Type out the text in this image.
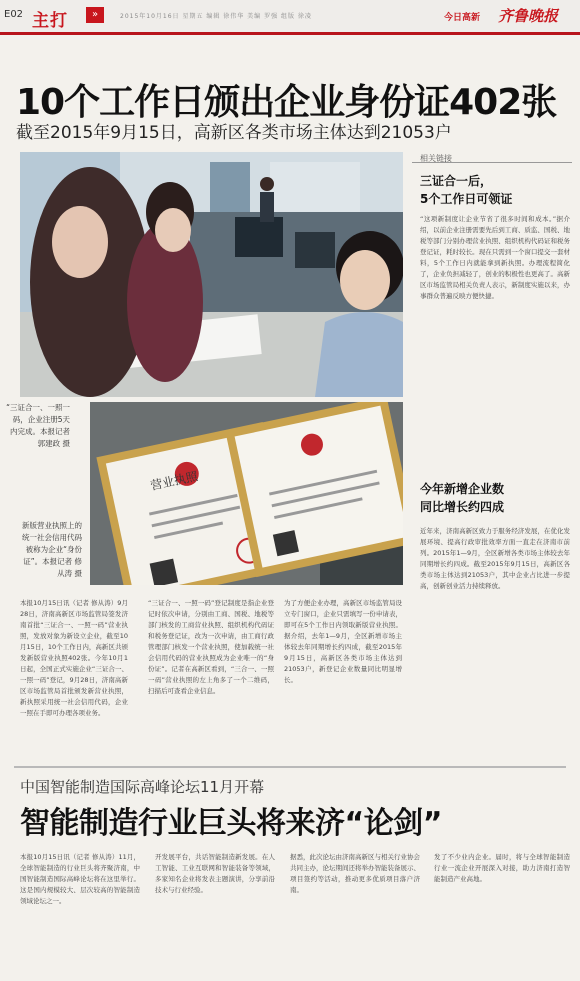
E02 主打	»	2015年10月16日 星期五 编辑 徐伟华 美编 罗强 组版 徐凌	今日高新 齐鲁晚报
10个工作日颁出企业身份证402张
截至2015年9月15日，高新区各类市场主体达到21053户
“三证合一、一照一码，企业注册5天内完成。本报记者 郭建政 摄
营业执照
新版营业执照上的统一社会信用代码被称为企业“身份证”。本报记者 修从涛 摄
本报10月15日讯（记者 修从涛）9月28日，济南高新区市场监管局签发济南首批“三证合一、一照一码”营业执照，发放对象为新设立企业，截至10月15日，10个工作日内，高新区共颁发新版营业执照402张。今年10月1日起，全国正式实施企业“三证合一、一照一码”登记，9月28日，济南高新区市场监管局首批颁发新营业执照，新执照采用统一社会信用代码，企业一照在手即可办理各项业务。
“三证合一、一照一码”登记制度是指企业登记时依次申请，分别由工商、国税、地税等部门核发的工商营业执照、组织机构代码证和税务登记证，改为一次申请，由工商行政管理部门核发一个营业执照，使加载统一社会信用代码的营业执照成为企业唯一的“身份证”。记者在高新区看到，“三合一、一照一码”营业执照的左上角多了一个二维码，扫描后可查看企业信息。
为了方便企业办理，高新区市场监管局设立专门窗口，企业只需填写一份申请表，即可在5个工作日内领取新版营业执照。据介绍，去年1—9月，全区新增市场主体较去年同期增长约四成，截至2015年9月15日，高新区各类市场主体达到21053户，新登记企业数量同比明显增长。
相关链接
三证合一后，
5个工作日可领证
“这项新制度让企业节省了很多时间和成本。”据介绍，以前企业注册需要先后到工商、质监、国税、地税等部门分别办理营业执照、组织机构代码证和税务登记证，耗时较长。现在只需到一个窗口提交一套材料，5个工作日内就能拿到新执照。办理流程简化了，企业负担减轻了，创业的积极性也更高了。高新区市场监管局相关负责人表示，新制度实施以来，办事群众普遍反映方便快捷。
今年新增企业数
同比增长约四成
近年来，济南高新区致力于服务经济发展，在优化发展环境、提高行政审批效率方面一直走在济南市前列。2015年1—9月，全区新增各类市场主体较去年同期增长约四成。截至2015年9月15日，高新区各类市场主体达到21053户，其中企业占比进一步提高，创新创业活力持续释放。
中国智能制造国际高峰论坛11月开幕
智能制造行业巨头将来济“论剑”
本报10月15日讯（记者 修从涛）11月，全球智能制造的行业巨头将齐聚济南，中国智能制造国际高峰论坛将在这里举行。这是国内规模较大、层次较高的智能制造领域论坛之一。
开发展平台，共话智能制造新发展。在人工智能、工业互联网和智能装备等领域，多家知名企业将发表主题演讲，分享前沿技术与行业经验。
据悉，此次论坛由济南高新区与相关行业协会共同主办，论坛期间还将举办智能装备展示、项目签约等活动，推动更多优质项目落户济南。
发了不少业内企业。届时，将与全球智能制造行业一流企业开展深入对接，助力济南打造智能制造产业高地。
